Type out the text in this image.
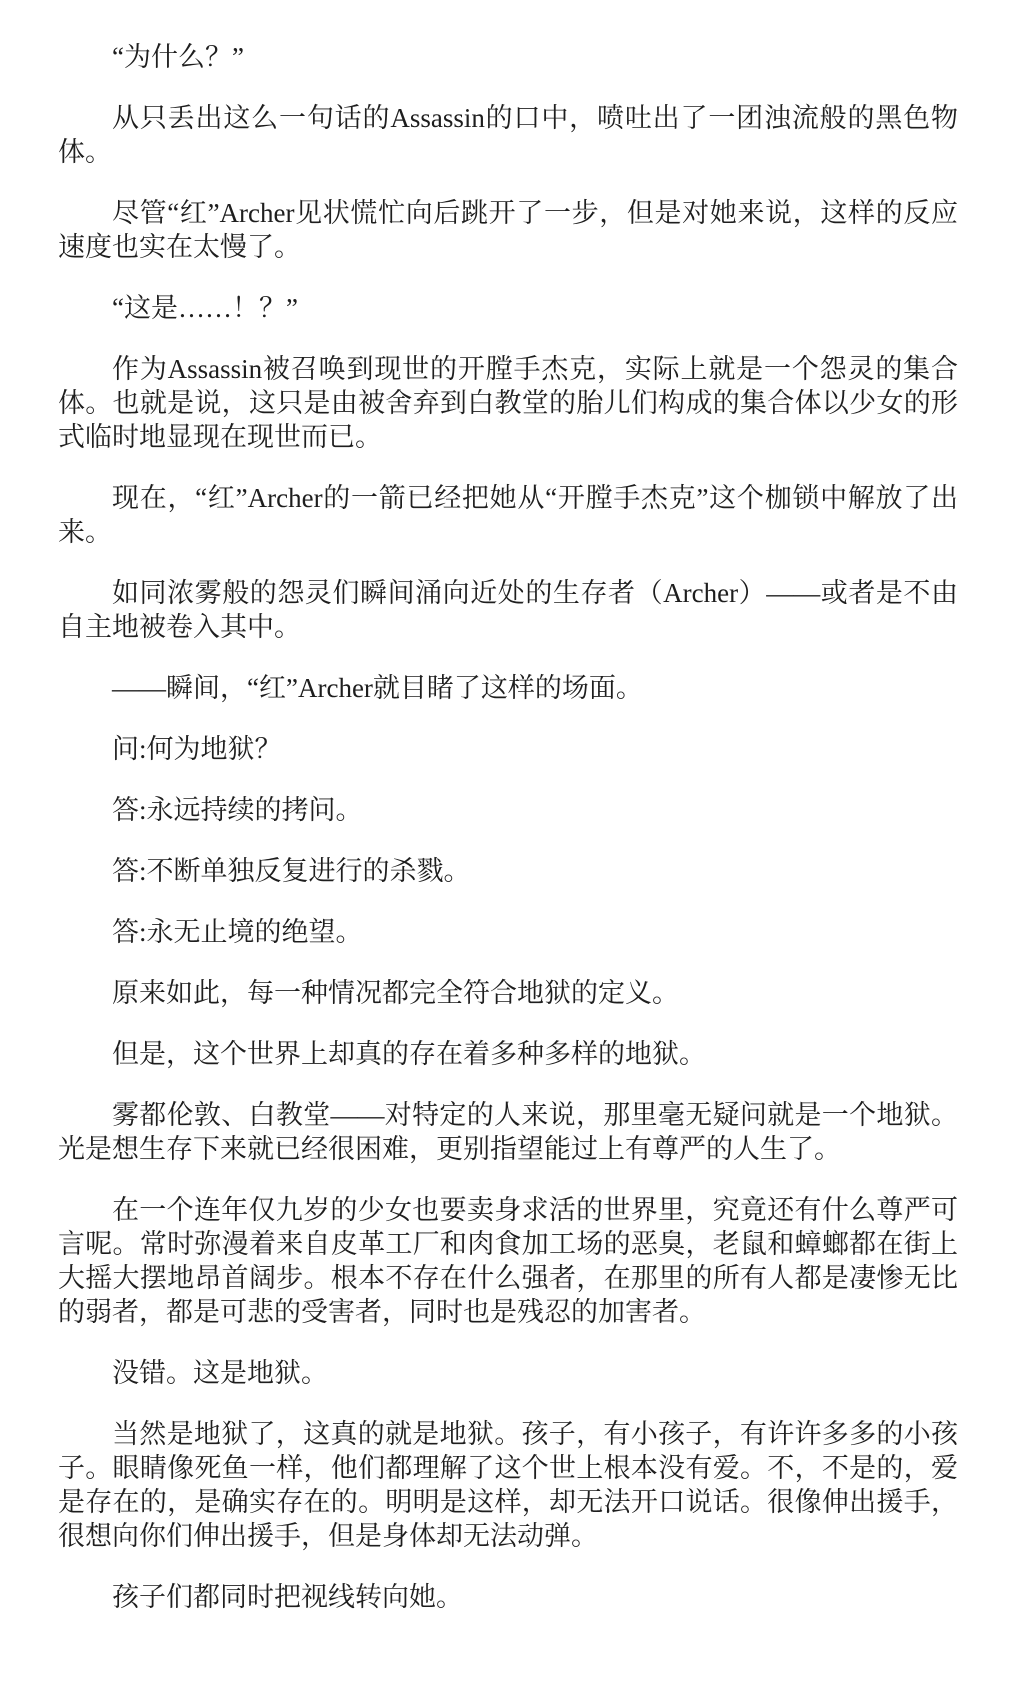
“为什么？”

从只丢出这么一句话的Assassin的口中，喷吐出了一团浊流般的黑色物体。

尽管“红”Archer见状慌忙向后跳开了一步，但是对她来说，这样的反应速度也实在太慢了。

“这是……！？”

作为Assassin被召唤到现世的开膛手杰克，实际上就是一个怨灵的集合体。也就是说，这只是由被舍弃到白教堂的胎儿们构成的集合体以少女的形式临时地显现在现世而已。

现在，“红”Archer的一箭已经把她从“开膛手杰克”这个枷锁中解放了出来。

如同浓雾般的怨灵们瞬间涌向近处的生存者（Archer）——或者是不由自主地被卷入其中。

——瞬间，“红”Archer就目睹了这样的场面。

问:何为地狱？

答:永远持续的拷问。

答:不断单独反复进行的杀戮。

答:永无止境的绝望。

原来如此，每一种情况都完全符合地狱的定义。

但是，这个世界上却真的存在着多种多样的地狱。

雾都伦敦、白教堂——对特定的人来说，那里毫无疑问就是一个地狱。光是想生存下来就已经很困难，更别指望能过上有尊严的人生了。

在一个连年仅九岁的少女也要卖身求活的世界里，究竟还有什么尊严可言呢。常时弥漫着来自皮革工厂和肉食加工场的恶臭，老鼠和蟑螂都在街上大摇大摆地昂首阔步。根本不存在什么强者，在那里的所有人都是凄惨无比的弱者，都是可悲的受害者，同时也是残忍的加害者。

没错。这是地狱。

当然是地狱了，这真的就是地狱。孩子，有小孩子，有许许多多的小孩子。眼睛像死鱼一样，他们都理解了这个世上根本没有爱。不，不是的，爱是存在的，是确实存在的。明明是这样，却无法开口说话。很像伸出援手，很想向你们伸出援手，但是身体却无法动弹。

孩子们都同时把视线转向她。
